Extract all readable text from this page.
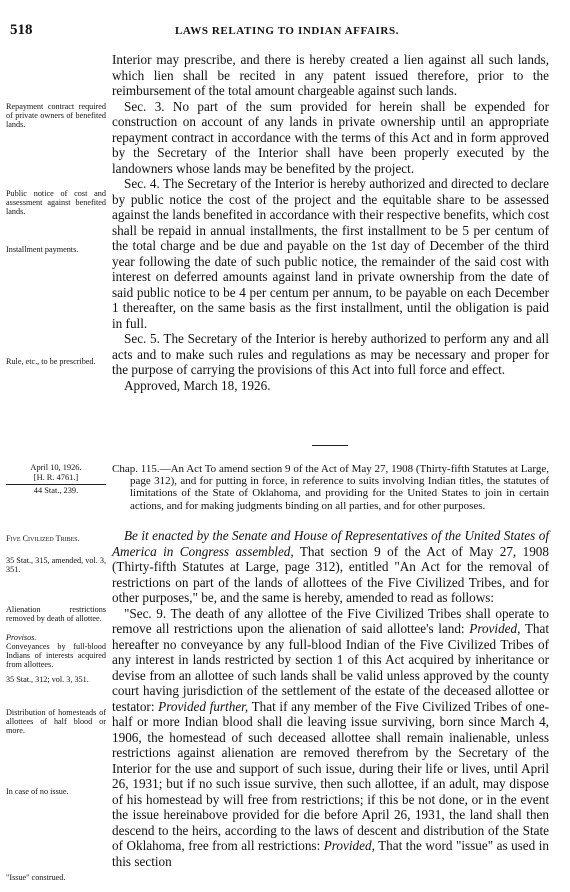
518	LAWS RELATING TO INDIAN AFFAIRS.

Interior may prescribe, and there is hereby created a lien against all such lands, which lien shall be recited in any patent issued therefore, prior to the reimbursement of the total amount chargeable against such lands.

Sec. 3. No part of the sum provided for herein shall be expended for construction on account of any lands in private ownership until an appropriate repayment contract in accordance with the terms of this Act and in form approved by the Secretary of the Interior shall have been properly executed by the landowners whose lands may be benefited by the project.

Sec. 4. The Secretary of the Interior is hereby authorized and directed to declare by public notice the cost of the project and the equitable share to be assessed against the lands benefited in accordance with their respective benefits, which cost shall be repaid in annual installments, the first installment to be 5 per centum of the total charge and be due and payable on the 1st day of December of the third year following the date of such public notice, the remainder of the said cost with interest on deferred amounts against land in private ownership from the date of said public notice to be 4 per centum per annum, to be payable on each December 1 thereafter, on the same basis as the first installment, until the obligation is paid in full.

Sec. 5. The Secretary of the Interior is hereby authorized to perform any and all acts and to make such rules and regulations as may be necessary and proper for the purpose of carrying the provisions of this Act into full force and effect.

Approved, March 18, 1926.

Repayment contract required of private owners of benefited lands.

Public notice of cost and assessment against benefited lands.

Installment payments.

Rule, etc., to be prescribed.

April 10, 1926.
[H. R. 4761.]
44 Stat., 239.

Chap. 115.—An Act To amend section 9 of the Act of May 27, 1908 (Thirty-fifth Statutes at Large, page 312), and for putting in force, in reference to suits involving Indian titles, the statutes of limitations of the State of Oklahoma, and providing for the United States to join in certain actions, and for making judgments binding on all parties, and for other purposes.

Be it enacted by the Senate and House of Representatives of the United States of America in Congress assembled, That section 9 of the Act of May 27, 1908 (Thirty-fifth Statutes at Large, page 312), entitled "An Act for the removal of restrictions on part of the lands of allottees of the Five Civilized Tribes, and for other purposes," be, and the same is hereby, amended to read as follows:

"Sec. 9. The death of any allottee of the Five Civilized Tribes shall operate to remove all restrictions upon the alienation of said allottee's land: Provided, That hereafter no conveyance by any full-blood Indian of the Five Civilized Tribes of any interest in lands restricted by section 1 of this Act acquired by inheritance or devise from an allottee of such lands shall be valid unless approved by the county court having jurisdiction of the settlement of the estate of the deceased allottee or testator: Provided further, That if any member of the Five Civilized Tribes of one-half or more Indian blood shall die leaving issue surviving, born since March 4, 1906, the homestead of such deceased allottee shall remain inalienable, unless restrictions against alienation are removed therefrom by the Secretary of the Interior for the use and support of such issue, during their life or lives, until April 26, 1931; but if no such issue survive, then such allottee, if an adult, may dispose of his homestead by will free from restrictions; if this be not done, or in the event the issue hereinabove provided for die before April 26, 1931, the land shall then descend to the heirs, according to the laws of descent and distribution of the State of Oklahoma, free from all restrictions: Provided, That the word "issue" as used in this section

Five Civilized Tribes.

35 Stat., 315, amended, vol. 3, 351.

Alienation restrictions removed by death of allottee.

Provisos.

Conveyances by full-blood Indians of interests acquired from allottees.

35 Stat., 312; vol. 3, 351.

Distribution of homesteads of allottees of half blood or more.

In case of no issue.

"Issue" construed.
